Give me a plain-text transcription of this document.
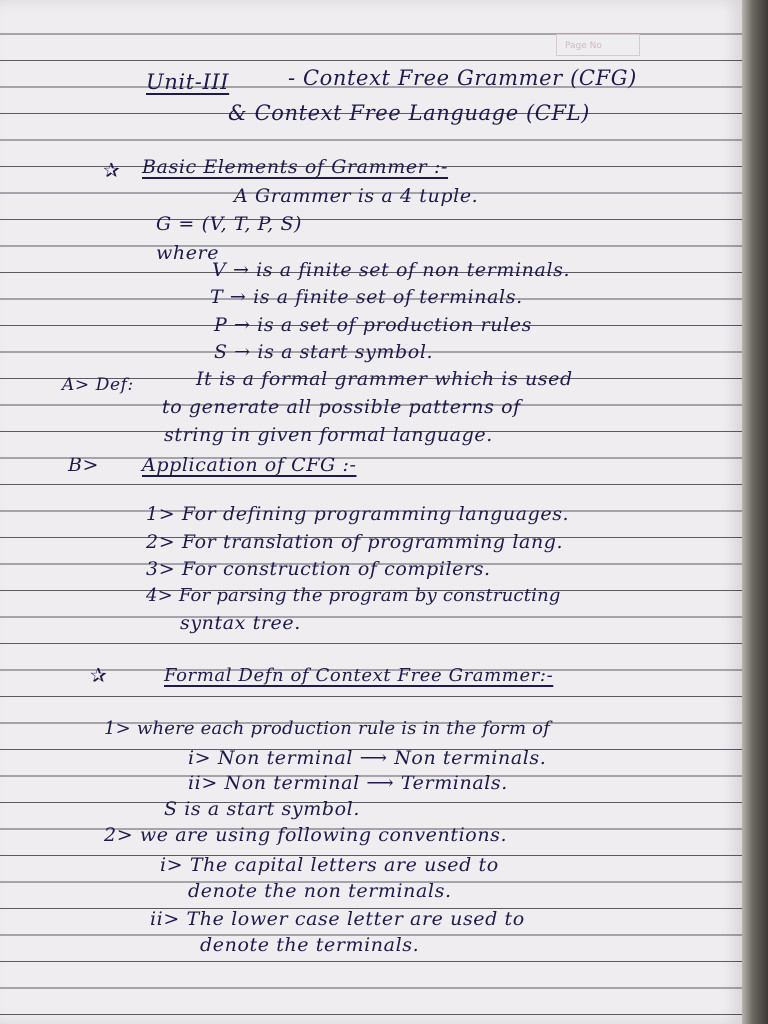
Page No

Unit-III	- Context Free Grammer (CFG)

& Context Free Language (CFL)

✰ Basic Elements of Grammer :-

A Grammer is a 4 tuple.

G = (V, T, P, S)

where

V → is a finite set of non terminals.

T → is a finite set of terminals.

P → is a set of production rules

S → is a start symbol.

A> Def:	It is a formal grammer which is used

to generate all possible patterns of

string in given formal language.

B> Application of CFG :-

1> For defining programming languages.

2> For translation of programming lang.

3> For construction of compilers.

4> For parsing the program by constructing

syntax tree.

✰	Formal Defn of Context Free Grammer:-

1> where each production rule is in the form of

i> Non terminal ⟶ Non terminals.

ii> Non terminal ⟶ Terminals.

S is a start symbol.

2> we are using following conventions.

i> The capital letters are used to

denote the non terminals.

ii> The lower case letter are used to

denote the terminals.
